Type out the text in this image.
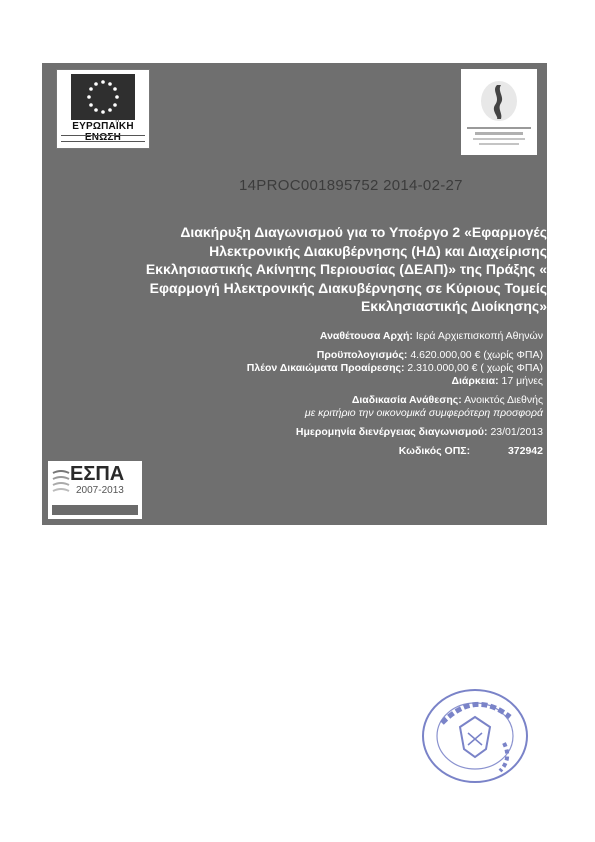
ΕΥΡΩΠΑΪΚΗ ΕΝΩΣΗ
14PROC001895752 2014-02-27
Διακήρυξη Διαγωνισμού για το Υποέργο 2 «Εφαρμογές
Ηλεκτρονικής Διακυβέρνησης (ΗΔ) και Διαχείρισης
Εκκλησιαστικής Ακίνητης Περιουσίας (ΔΕΑΠ)» της Πράξης «
Εφαρμογή Ηλεκτρονικής Διακυβέρνησης σε Κύριους Τομείς
Εκκλησιαστικής Διοίκησης»
Αναθέτουσα Αρχή: Ιερά Αρχιεπισκοπή Αθηνών
Προϋπολογισμός: 4.620.000,00 € (χωρίς ΦΠΑ)
Πλέον Δικαιώματα Προαίρεσης: 2.310.000,00 € ( χωρίς ΦΠΑ)
Διάρκεια: 17 μήνες
Διαδικασία Ανάθεσης: Ανοικτός Διεθνής
με κριτήριο την οικονομικά συμφερότερη προσφορά
Ημερομηνία διενέργειας διαγωνισμού: 23/01/2013
Κωδικός ΟΠΣ:	372942
ΕΣΠΑ
2007-2013
